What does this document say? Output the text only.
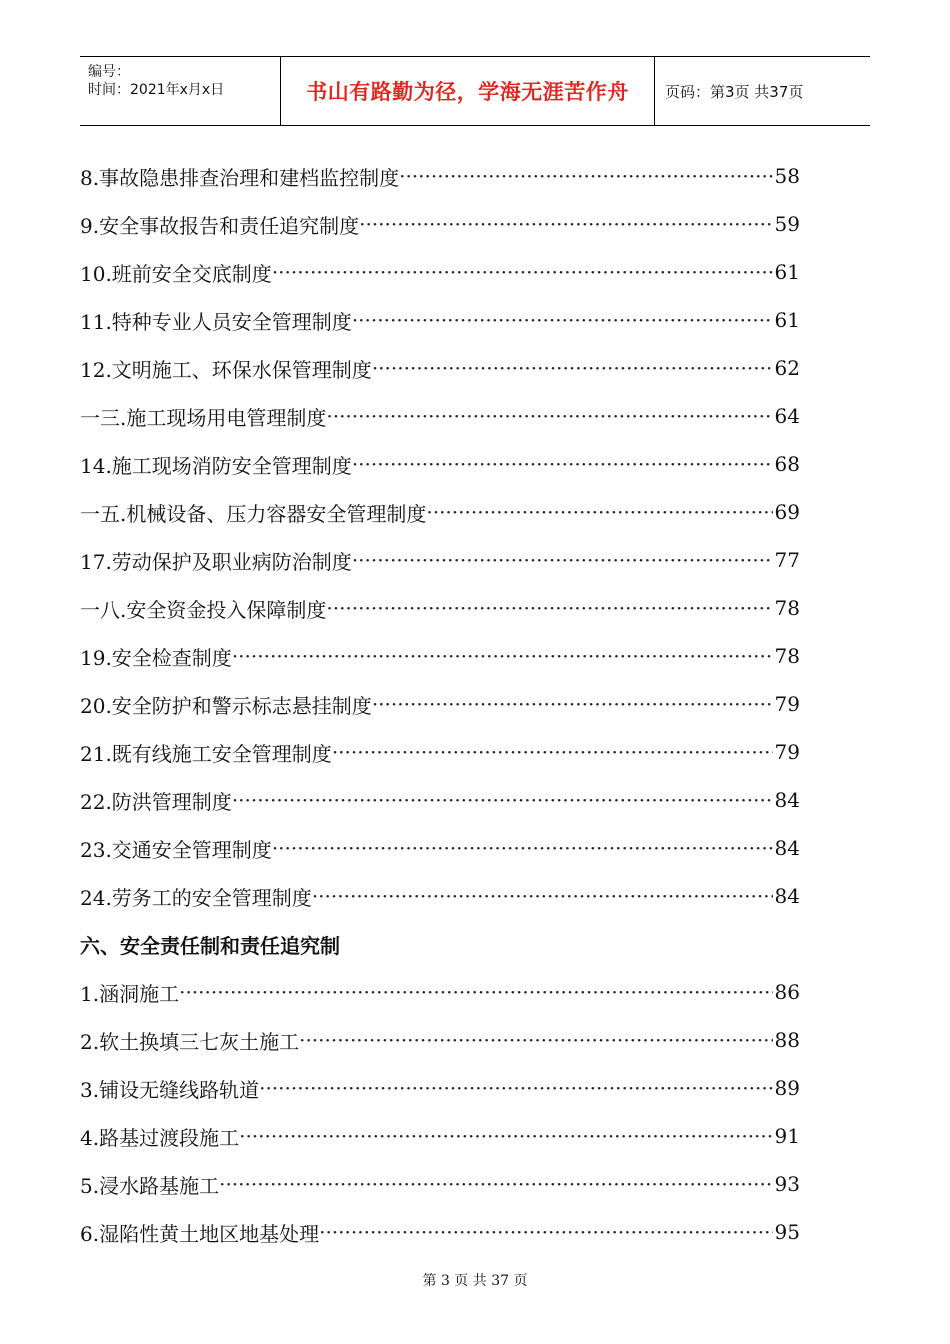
编号：
时间：2021年x月x日	书山有路勤为径，学海无涯苦作舟	页码：第3页 共37页
8.事故隐患排查治理和建档监控制度 ·····	58
9.安全事故报告和责任追究制度 ·····	59
10.班前安全交底制度 ·····	61
11.特种专业人员安全管理制度 ·····	61
12.文明施工、环保水保管理制度 ·····	62
一三.施工现场用电管理制度 ·····	64
14.施工现场消防安全管理制度 ·····	68
一五.机械设备、压力容器安全管理制度 ·····	69
17.劳动保护及职业病防治制度 ·····	77
一八.安全资金投入保障制度 ·····	78
19.安全检查制度 ·····	78
20.安全防护和警示标志悬挂制度 ·····	79
21.既有线施工安全管理制度 ·····	79
22.防洪管理制度 ·····	84
23.交通安全管理制度 ·····	84
24.劳务工的安全管理制度 ·····	84
六、安全责任制和责任追究制
1.涵洞施工 ·····	86
2.软土换填三七灰土施工 ·····	88
3.铺设无缝线路轨道 ·····	89
4.路基过渡段施工 ·····	91
5.浸水路基施工 ·····	93
6.湿陷性黄土地区地基处理 ·····	95
第 3 页 共 37 页
